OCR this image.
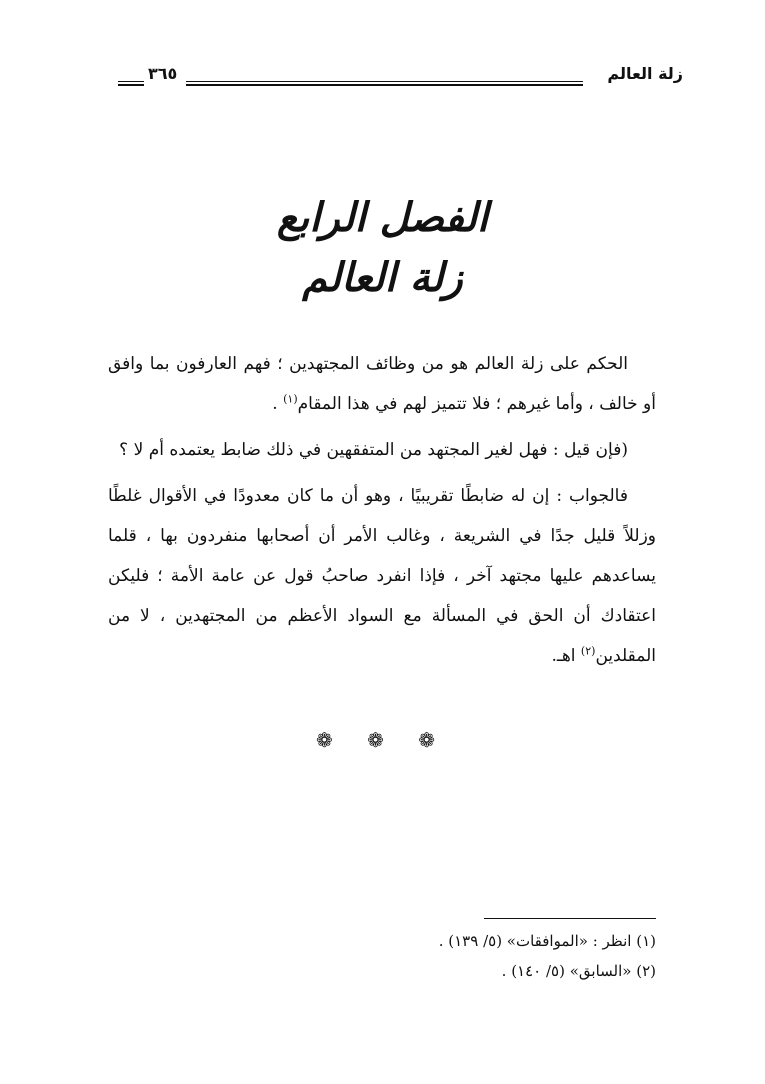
زلة العالم
٣٦٥
الفصل الرابع
زلة العالم

الحكم على زلة العالم هو من وظائف المجتهدين ؛ فهم العارفون بما وافق أو خالف ، وأما غيرهم ؛ فلا تتميز لهم في هذا المقام$^{(١)}$ .

(فإن قيل : فهل لغير المجتهد من المتفقهين في ذلك ضابط يعتمده أم لا ؟

فالجواب : إن له ضابطًا تقريبيًا ، وهو أن ما كان معدودًا في الأقوال غلطًا وزللاً قليل جدًا في الشريعة ، وغالب الأمر أن أصحابها منفردون بها ، قلما يساعدهم عليها مجتهد آخر ، فإذا انفرد صاحبُ قول عن عامة الأمة ؛ فليكن اعتقادك أن الحق في المسألة مع السواد الأعظم من المجتهدين ، لا من المقلدين$^{(٢)}$ اهـ.

❁ ❁ ❁
(١) انظر : «الموافقات» (٥/ ١٣٩) .
(٢) «السابق» (٥/ ١٤٠) .
